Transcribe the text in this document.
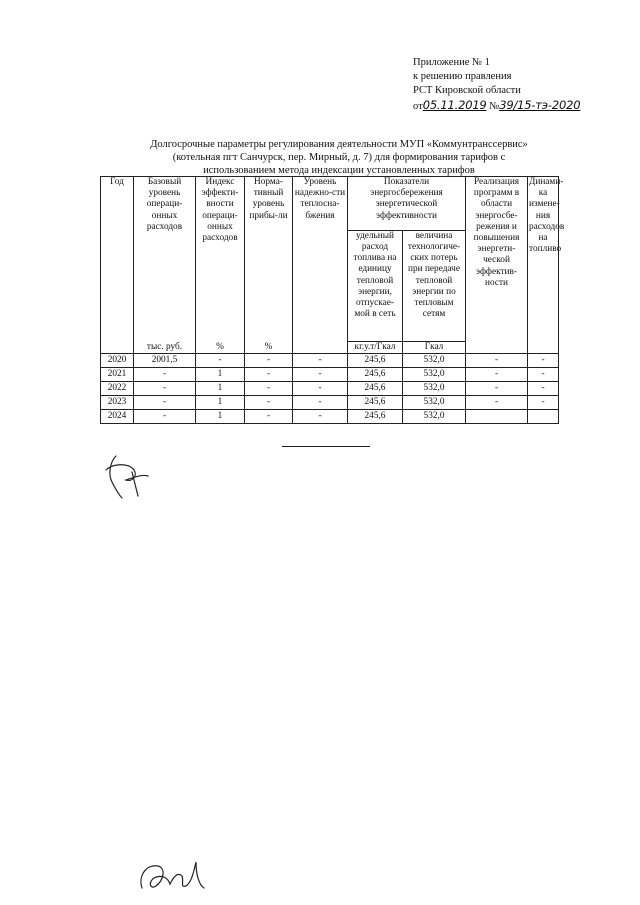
Приложение № 1
к решению правления
РСТ Кировской области
от05.11.2019 №39/15-тэ-2020
Долгосрочные параметры регулирования деятельности МУП «Коммунтранссервис»
(котельная пгт Санчурск, пер. Мирный, д. 7) для формирования тарифов с
использованием метода индексации установленных тарифов
Год	Базовый уровень операци-онных расходов	Индекс эффекти-вности операци-онных расходов	Норма-тивный уровень прибы-ли	Уровень надежно-сти теплосна-бжения	Показатели энергосбережения энергетической эффективности		Реализация программ в области энергосбе-режения и повышения энергети-ческой эффектив-ности	Динами-ка измене-ния расходов на топливо
					удельный расход топлива на единицу тепловой энергии, отпускае-мой в сеть	величина технологиче-ских потерь при передаче тепловой энергии по тепловым сетям		
	тыс. руб.	%	%		кг.у.т/Гкал	Гкал		
2020	2001,5	-	-	-	245,6	532,0	-	-
2021	-	1	-	-	245,6	532,0	-	-
2022	-	1	-	-	245,6	532,0	-	-
2023	-	1	-	-	245,6	532,0	-	-
2024	-	1	-	-	245,6	532,0		
